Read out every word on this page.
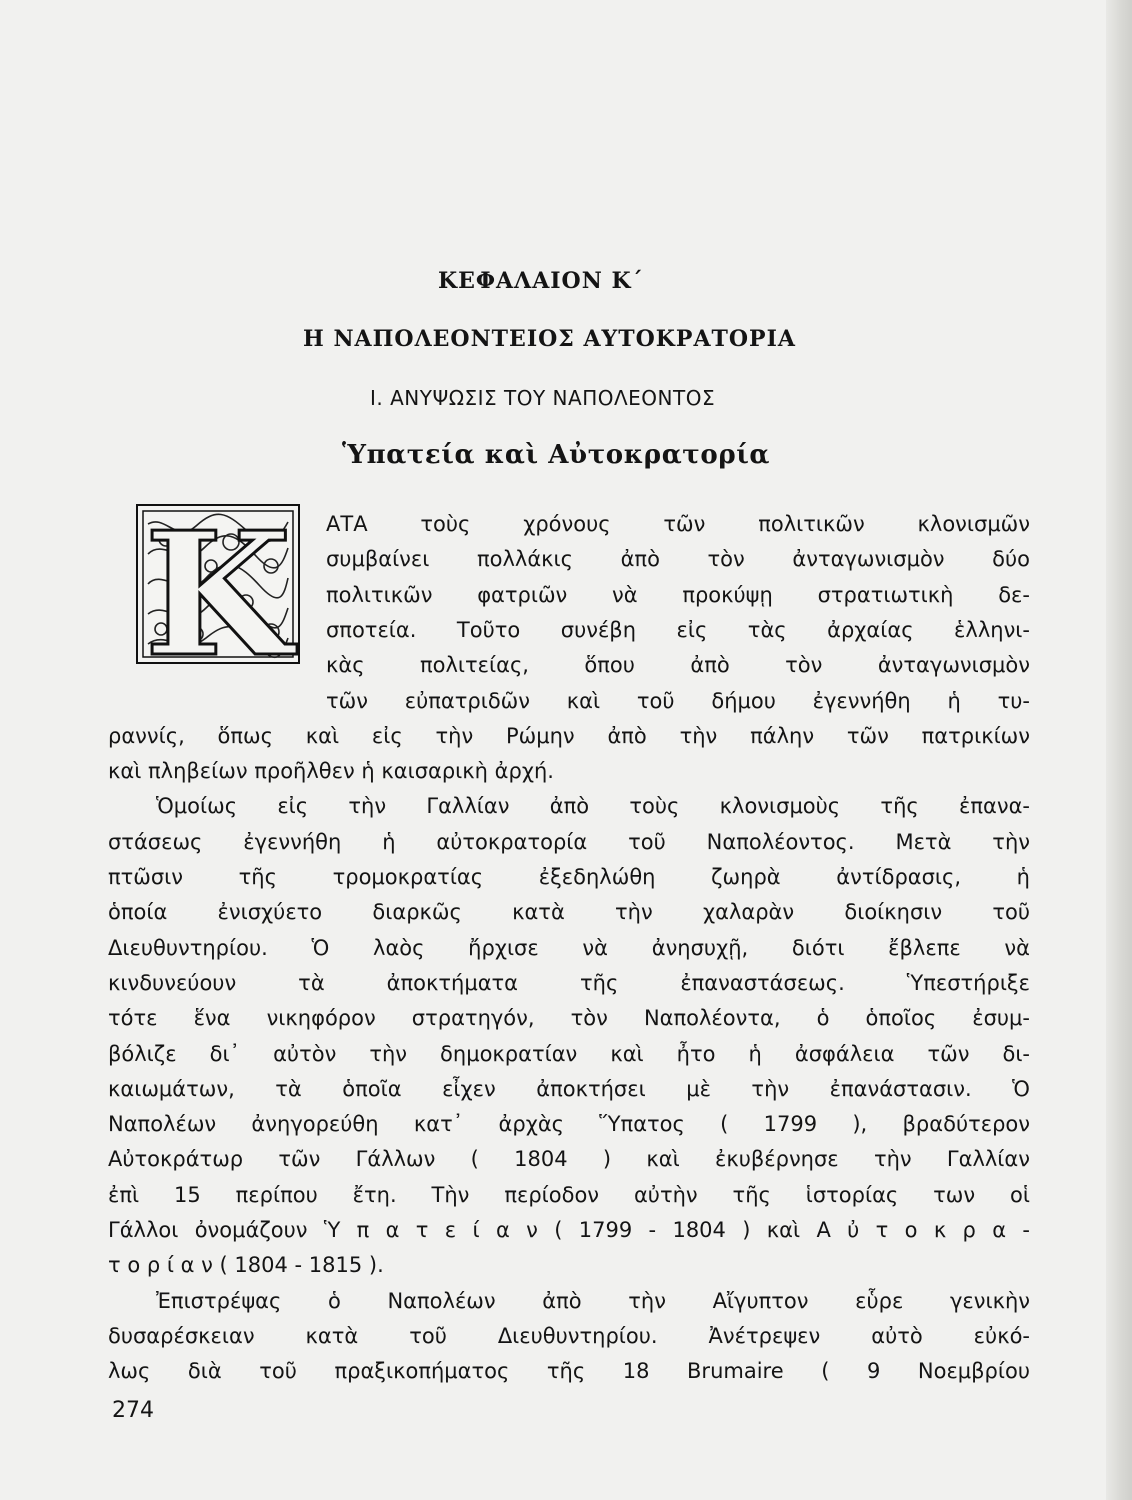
ΚΕΦΑΛΑΙΟΝ Κ΄
Η ΝΑΠΟΛΕΟΝΤΕΙΟΣ ΑΥΤΟΚΡΑΤΟΡΙΑ
Ι. ΑΝΥΨΩΣΙΣ ΤΟΥ ΝΑΠΟΛΕΟΝΤΟΣ
Ὑπατεία καὶ Αὐτοκρατορία
Κ ΑΤΑ τοὺς χρόνους τῶν πολιτικῶν κλονισμῶν
συμβαίνει πολλάκις ἀπὸ τὸν ἀνταγωνισμὸν δύο
πολιτικῶν φατριῶν νὰ προκύψῃ στρατιωτικὴ δε-
σποτεία. Τοῦτο συνέβη εἰς τὰς ἀρχαίας ἑλληνι-
κὰς πολιτείας, ὅπου ἀπὸ τὸν ἀνταγωνισμὸν
τῶν εὐπατριδῶν καὶ τοῦ δήμου ἐγεννήθη ἡ τυ-
ραννίς, ὅπως καὶ εἰς τὴν Ρώμην ἀπὸ τὴν πάλην τῶν πατρικίων
καὶ πληβείων προῆλθεν ἡ καισαρικὴ ἀρχή.
Ὁμοίως εἰς τὴν Γαλλίαν ἀπὸ τοὺς κλονισμοὺς τῆς ἐπανα-
στάσεως ἐγεννήθη ἡ αὐτοκρατορία τοῦ Ναπολέοντος. Μετὰ τὴν
πτῶσιν τῆς τρομοκρατίας ἐξεδηλώθη ζωηρὰ ἀντίδρασις, ἡ
ὁποία ἐνισχύετο διαρκῶς κατὰ τὴν χαλαρὰν διοίκησιν τοῦ
Διευθυντηρίου. Ὁ λαὸς ἤρχισε νὰ ἀνησυχῇ, διότι ἔβλεπε νὰ
κινδυνεύουν τὰ ἀποκτήματα τῆς ἐπαναστάσεως. Ὑπεστήριξε
τότε ἕνα νικηφόρον στρατηγόν, τὸν Ναπολέοντα, ὁ ὁποῖος ἐσυμ-
βόλιζε δι᾿ αὐτὸν τὴν δημοκρατίαν καὶ ἦτο ἡ ἀσφάλεια τῶν δι-
καιωμάτων, τὰ ὁποῖα εἶχεν ἀποκτήσει μὲ τὴν ἐπανάστασιν. Ὁ
Ναπολέων ἀνηγορεύθη κατ᾿ ἀρχὰς Ὕπατος ( 1799 ), βραδύτερον
Αὐτοκράτωρ τῶν Γάλλων ( 1804 ) καὶ ἐκυβέρνησε τὴν Γαλλίαν
ἐπὶ 15 περίπου ἔτη. Τὴν περίοδον αὐτὴν τῆς ἱστορίας των οἱ
Γάλλοι ὀνομάζουν Ὑ π α τ ε ί α ν ( 1799 - 1804 ) καὶ Α ὐ τ ο κ ρ α -
τ ο ρ ί α ν ( 1804 - 1815 ).
Ἐπιστρέψας ὁ Ναπολέων ἀπὸ τὴν Αἴγυπτον εὗρε γενικὴν
δυσαρέσκειαν κατὰ τοῦ Διευθυντηρίου. Ἀνέτρεψεν αὐτὸ εὐκό-
λως διὰ τοῦ πραξικοπήματος τῆς 18 Brumaire ( 9 Νοεμβρίου
274
